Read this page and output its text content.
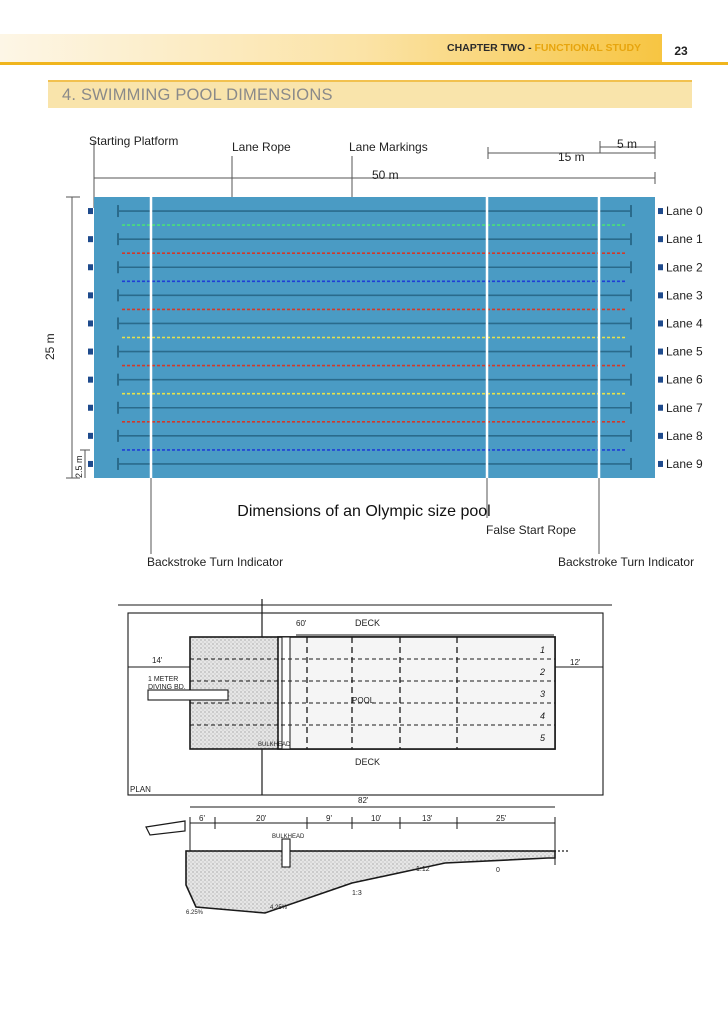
CHAPTER TWO - FUNCTIONAL STUDY	23
4. SWIMMING POOL DIMENSIONS
Lane 0
Lane 1
Lane 2
Lane 3
Lane 4
Lane 5
Lane 6
Lane 7
Lane 8
Lane 9
Starting Platform	Lane Rope	Lane Markings	5 m
15 m
50 m
25 m
2.5 m
Dimensions of an Olympic size pool
False Start Rope
Backstroke Turn Indicator	Backstroke Turn Indicator
1
2
3
4
5
60'	DECK
DECK
14'
1 METER DIVING BD.
POOL
BULKHEAD
12'
PLAN
82'
6'	20'	9'	10'	13'	25'
BULKHEAD
1:12
1:3
0
6.25%
4.25%
